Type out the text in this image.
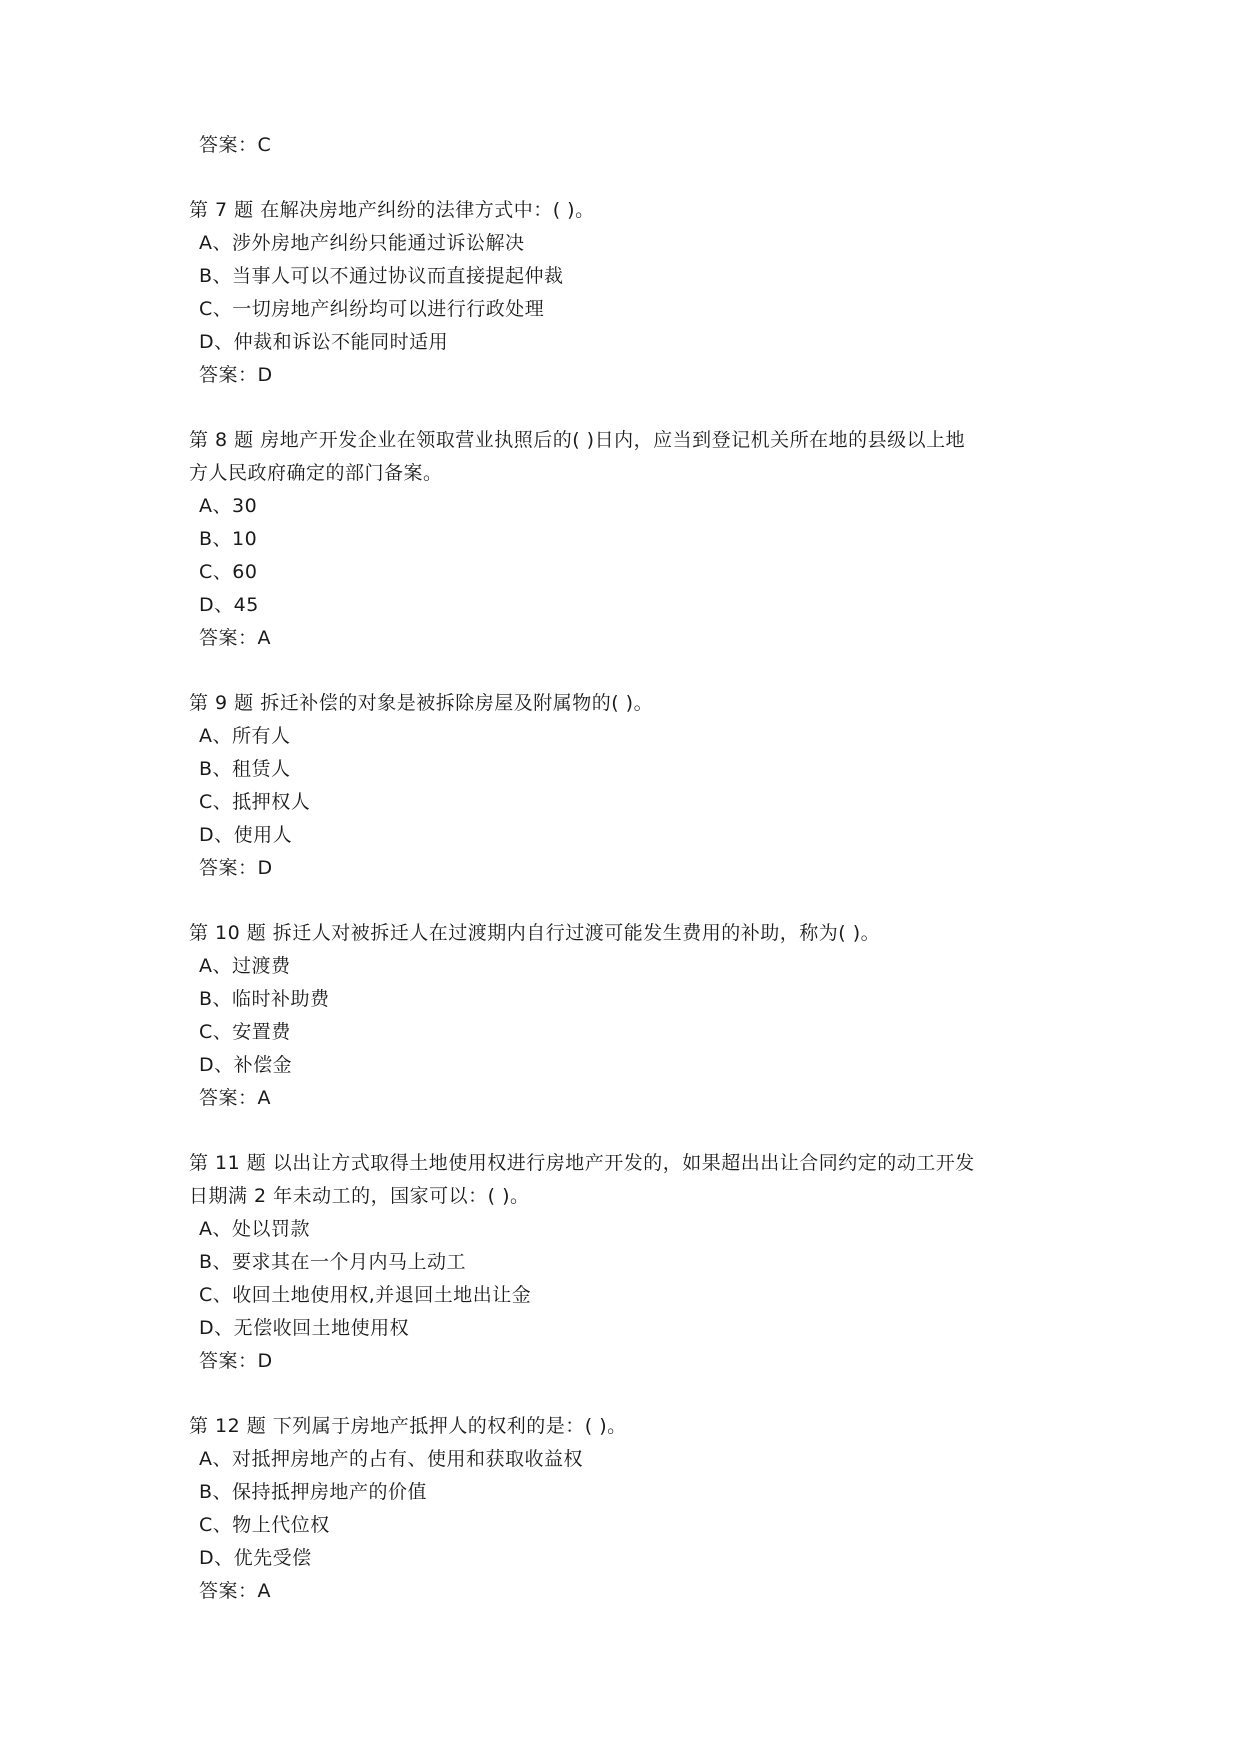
答案：C
第 7 题 在解决房地产纠纷的法律方式中：( )。
A、涉外房地产纠纷只能通过诉讼解决
B、当事人可以不通过协议而直接提起仲裁
C、一切房地产纠纷均可以进行行政处理
D、仲裁和诉讼不能同时适用
答案：D
第 8 题 房地产开发企业在领取营业执照后的( )日内，应当到登记机关所在地的县级以上地
方人民政府确定的部门备案。
A、30
B、10
C、60
D、45
答案：A
第 9 题 拆迁补偿的对象是被拆除房屋及附属物的( )。
A、所有人
B、租赁人
C、抵押权人
D、使用人
答案：D
第 10 题 拆迁人对被拆迁人在过渡期内自行过渡可能发生费用的补助，称为( )。
A、过渡费
B、临时补助费
C、安置费
D、补偿金
答案：A
第 11 题 以出让方式取得土地使用权进行房地产开发的，如果超出出让合同约定的动工开发
日期满 2 年未动工的，国家可以：( )。
A、处以罚款
B、要求其在一个月内马上动工
C、收回土地使用权,并退回土地出让金
D、无偿收回土地使用权
答案：D
第 12 题 下列属于房地产抵押人的权利的是：( )。
A、对抵押房地产的占有、使用和获取收益权
B、保持抵押房地产的价值
C、物上代位权
D、优先受偿
答案：A
